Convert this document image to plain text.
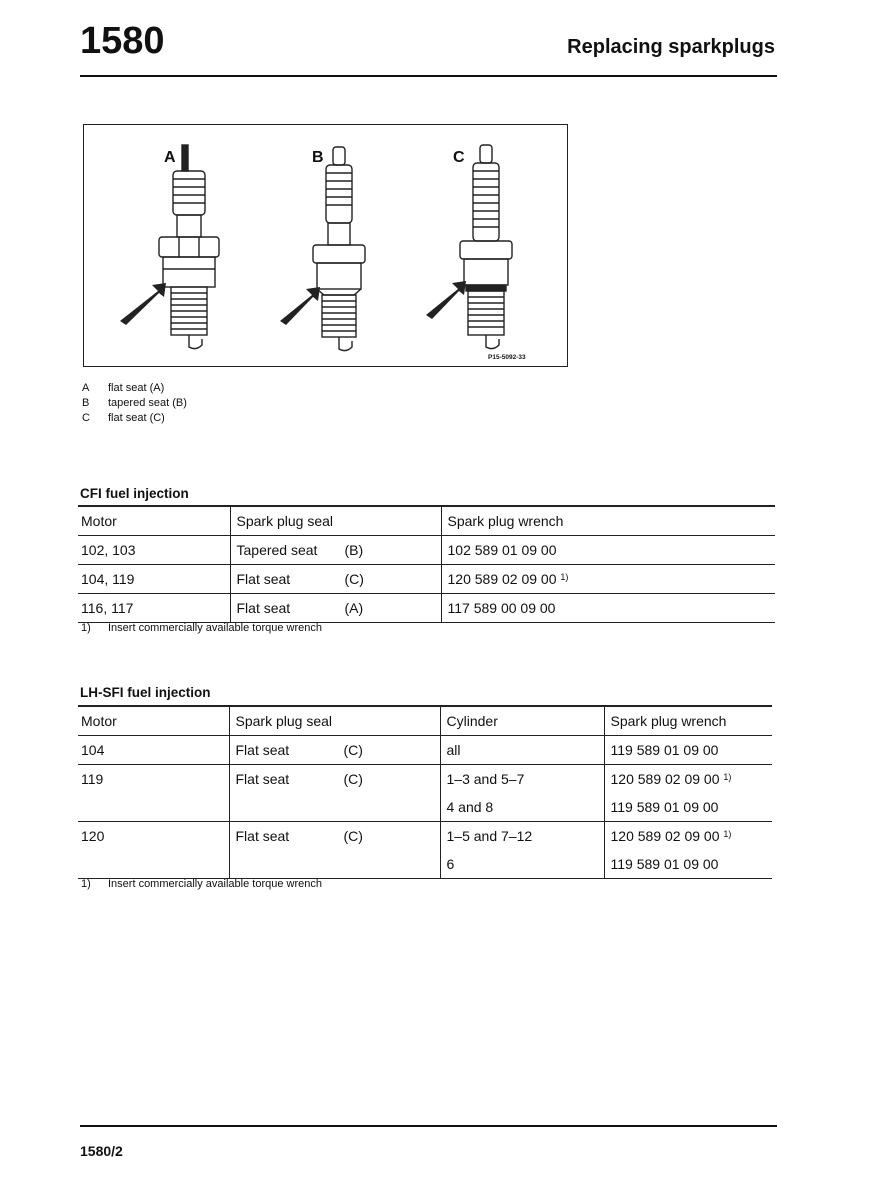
1580	Replacing sparkplugs
A	B	C
P15-5092-33
A	flat seat (A)
B	tapered seat (B)
C	flat seat (C)
CFI fuel injection
Motor	Spark plug seal	Spark plug wrench
102, 103	Tapered seat (B)	102 589 01 09 00
104, 119	Flat seat (C)	120 589 02 09 00 $^{1)}$
116, 117	Flat seat (A)	117 589 00 09 00
1)	Insert commercially available torque wrench
LH-SFI fuel injection
Motor	Spark plug seal	Cylinder	Spark plug wrench
104	Flat seat (C)	all	119 589 01 09 00
119	Flat seat (C)	1–3 and 5–7	120 589 02 09 00 $^{1)}$
		4 and 8	119 589 01 09 00
120	Flat seat (C)	1–5 and 7–12	120 589 02 09 00 $^{1)}$
		6	119 589 01 09 00
1)	Insert commercially available torque wrench
1580/2
